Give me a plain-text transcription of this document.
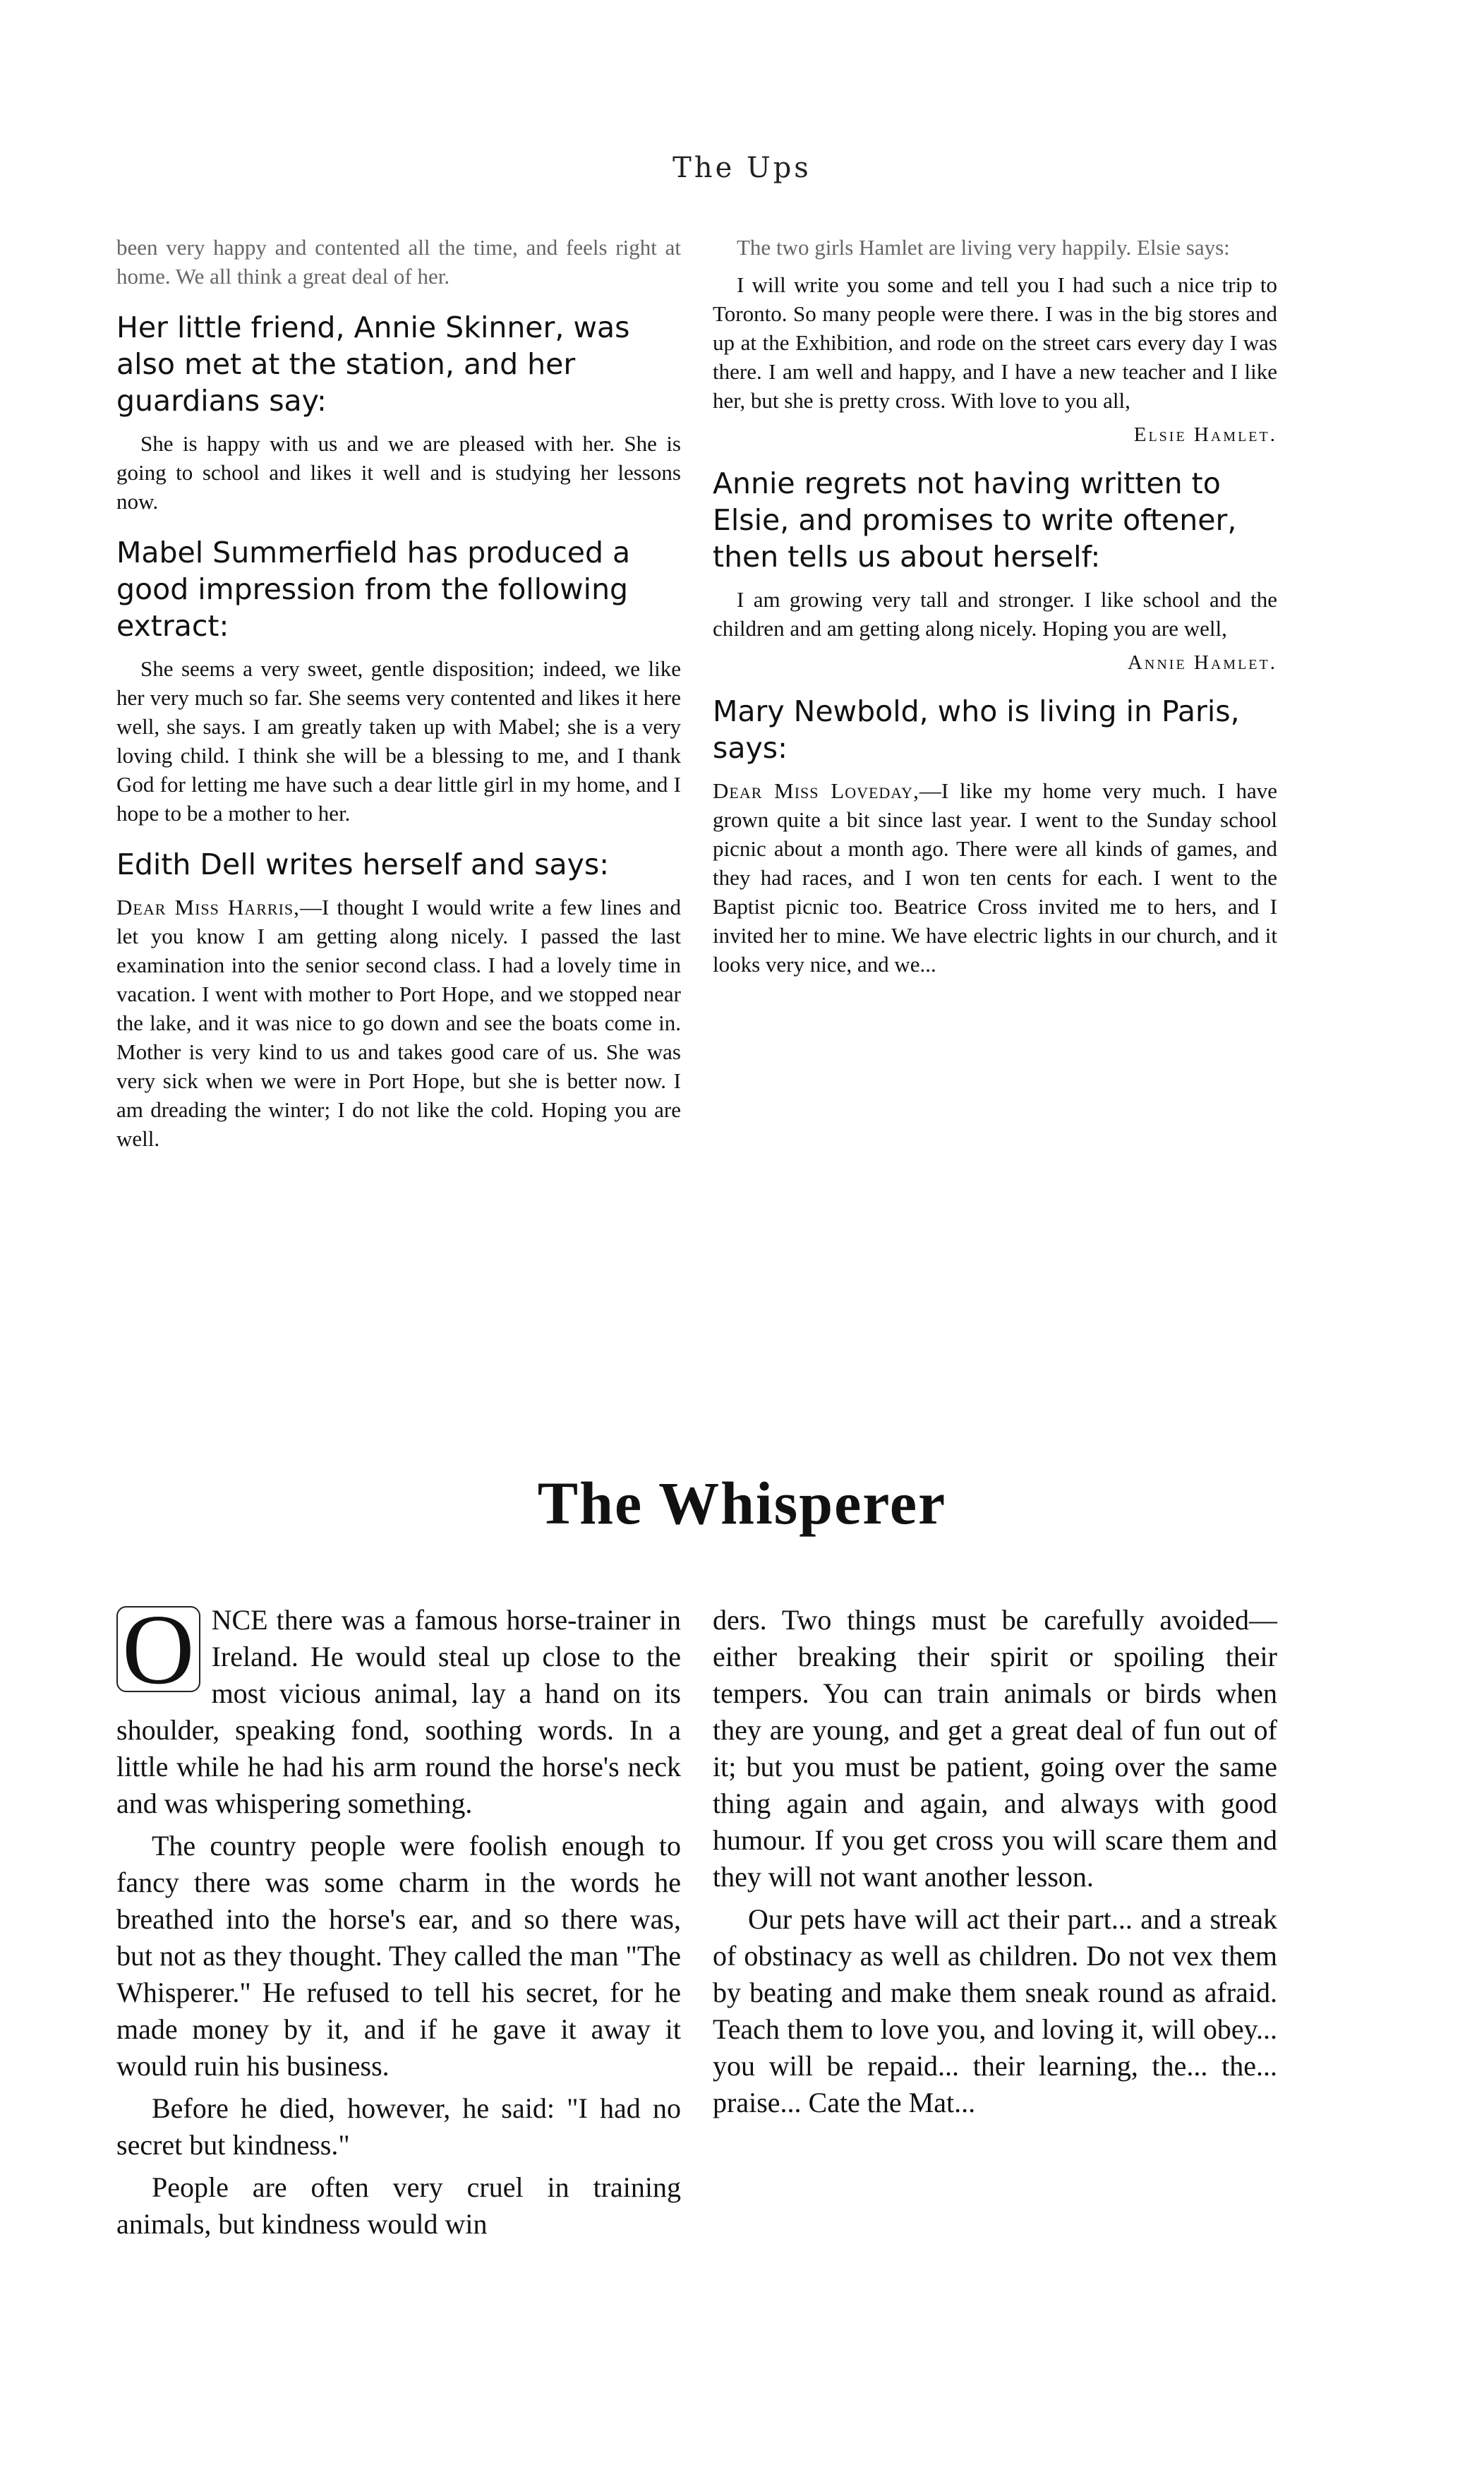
The Ups

been very happy and contented all the time, and feels right at home. We all think a great deal of her.

Her little friend, Annie Skinner, was also met at the station, and her guardians say:

She is happy with us and we are pleased with her. She is going to school and likes it well and is studying her lessons now.

Mabel Summerfield has produced a good impression from the following extract:

She seems a very sweet, gentle disposition; indeed, we like her very much so far. She seems very contented and likes it here well, she says. I am greatly taken up with Mabel; she is a very loving child. I think she will be a blessing to me, and I thank God for letting me have such a dear little girl in my home, and I hope to be a mother to her.

Edith Dell writes herself and says:

Dear Miss Harris,—I thought I would write a few lines and let you know I am getting along nicely. I passed the last examination into the senior second class. I had a lovely time in vacation. I went with mother to Port Hope, and we stopped near the lake, and it was nice to go down and see the boats come in. Mother is very kind to us and takes good care of us. She was very sick when we were in Port Hope, but she is better now. I am dreading the winter; I do not like the cold. Hoping you are well.

The two girls Hamlet are living very happily. Elsie says:

I will write you some and tell you I had such a nice trip to Toronto. So many people were there. I was in the big stores and up at the Exhibition, and rode on the street cars every day I was there. I am well and happy, and I have a new teacher and I like her, but she is pretty cross. With love to you all,

Elsie Hamlet.

Annie regrets not having written to Elsie, and promises to write oftener, then tells us about herself:

I am growing very tall and stronger. I like school and the children and am getting along nicely. Hoping you are well,

Annie Hamlet.

Mary Newbold, who is living in Paris, says:

Dear Miss Loveday,—I like my home very much. I have grown quite a bit since last year. I went to the Sunday school picnic about a month ago. There were all kinds of games, and they had races, and I won ten cents for each. I went to the Baptist picnic too. Beatrice Cross invited me to hers, and I invited her to mine. We have electric lights in our church, and it looks very nice, and we...

The Whisperer

O NCE there was a famous horse-trainer in Ireland. He would steal up close to the most vicious animal, lay a hand on its shoulder, speaking fond, soothing words. In a little while he had his arm round the horse's neck and was whispering something.

The country people were foolish enough to fancy there was some charm in the words he breathed into the horse's ear, and so there was, but not as they thought. They called the man "The Whisperer." He refused to tell his secret, for he made money by it, and if he gave it away it would ruin his business.

Before he died, however, he said: "I had no secret but kindness."

People are often very cruel in training animals, but kindness would win

ders. Two things must be carefully avoided—either breaking their spirit or spoiling their tempers. You can train animals or birds when they are young, and get a great deal of fun out of it; but you must be patient, going over the same thing again and again, and always with good humour. If you get cross you will scare them and they will not want another lesson.

Our pets have will act their part... and a streak of obstinacy as well as children. Do not vex them by beating and make them sneak round as afraid. Teach them to love you, and loving it, will obey... you will be repaid... their learning, the... the... praise... Cate the Mat...
